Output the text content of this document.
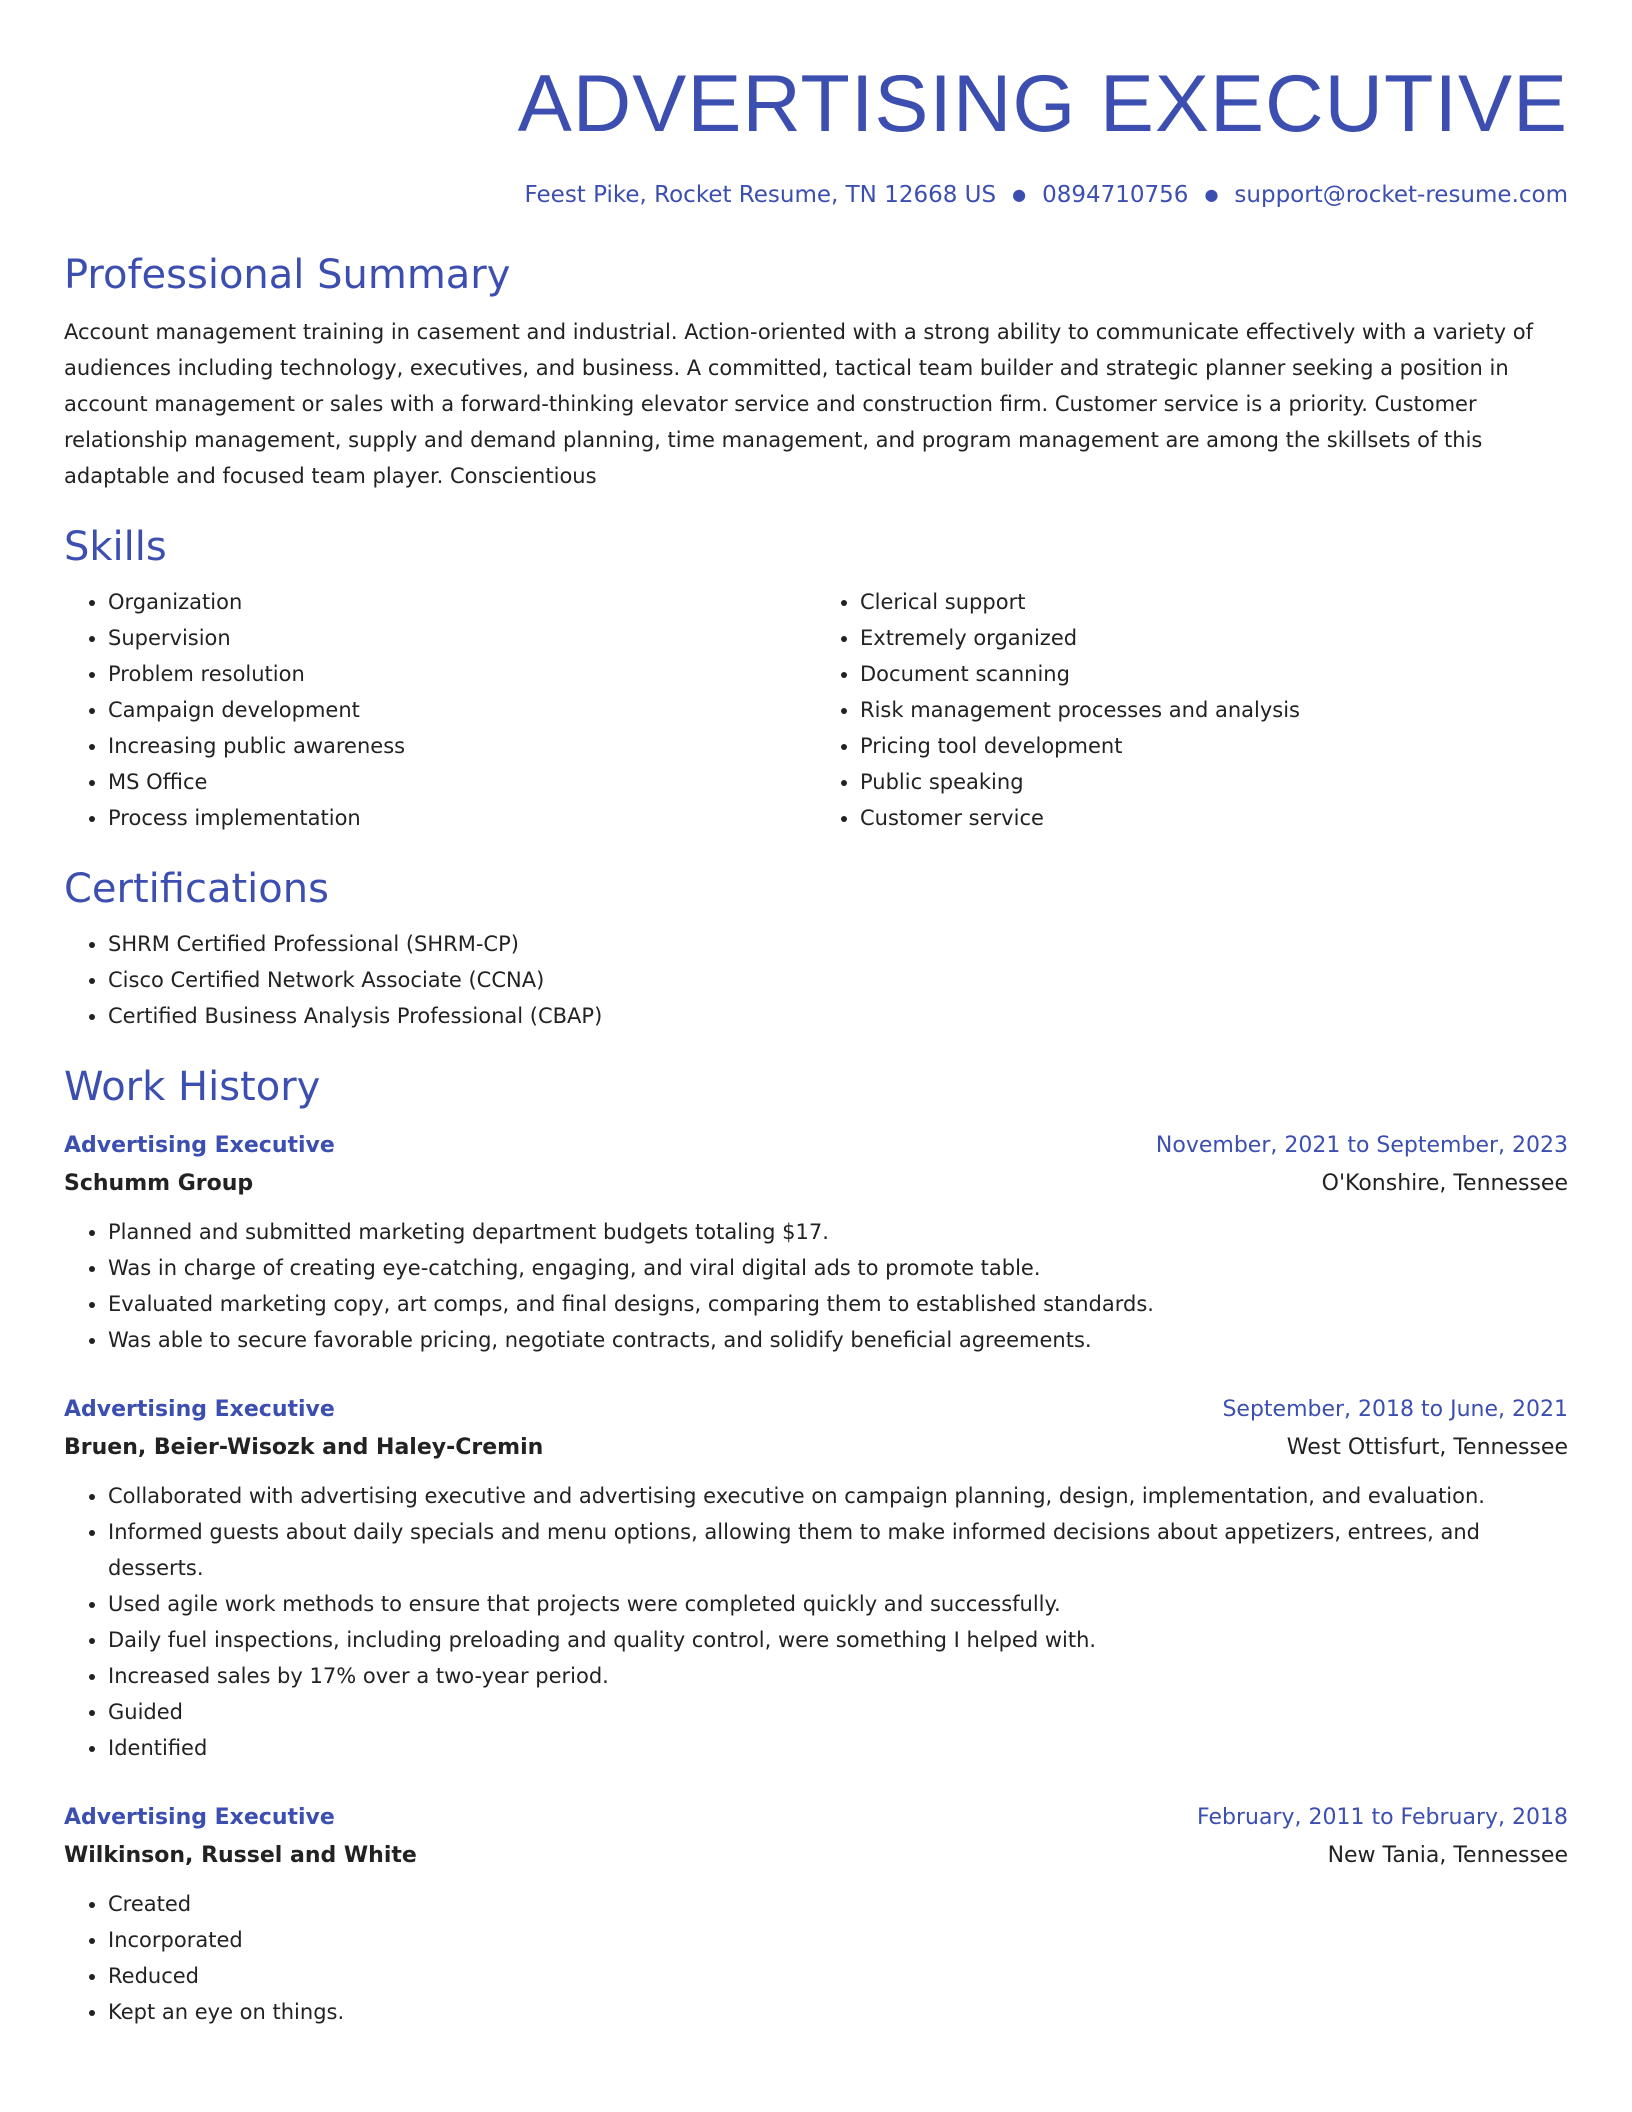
ADVERTISING EXECUTIVE
Feest Pike, Rocket Resume, TN 12668 US ● 0894710756 ● support@rocket-resume.com
Professional Summary

Account management training in casement and industrial. Action-oriented with a strong ability to communicate effectively with a variety of audiences including technology, executives, and business. A committed, tactical team builder and strategic planner seeking a position in account management or sales with a forward-thinking elevator service and construction firm. Customer service is a priority. Customer relationship management, supply and demand planning, time management, and program management are among the skillsets of this adaptable and focused team player. Conscientious

Skills
• Organization
• Supervision
• Problem resolution
• Campaign development
• Increasing public awareness
• MS Office
• Process implementation
• Clerical support
• Extremely organized
• Document scanning
• Risk management processes and analysis
• Pricing tool development
• Public speaking
• Customer service
Certifications
• SHRM Certified Professional (SHRM-CP)
• Cisco Certified Network Associate (CCNA)
• Certified Business Analysis Professional (CBAP)
Work History
Advertising Executive	November, 2021 to September, 2023
Schumm Group	O'Konshire, Tennessee
• Planned and submitted marketing department budgets totaling $17.
• Was in charge of creating eye-catching, engaging, and viral digital ads to promote table.
• Evaluated marketing copy, art comps, and final designs, comparing them to established standards.
• Was able to secure favorable pricing, negotiate contracts, and solidify beneficial agreements.
Advertising Executive	September, 2018 to June, 2021
Bruen, Beier-Wisozk and Haley-Cremin	West Ottisfurt, Tennessee
• Collaborated with advertising executive and advertising executive on campaign planning, design, implementation, and evaluation.
• Informed guests about daily specials and menu options, allowing them to make informed decisions about appetizers, entrees, and desserts.
• Used agile work methods to ensure that projects were completed quickly and successfully.
• Daily fuel inspections, including preloading and quality control, were something I helped with.
• Increased sales by 17% over a two-year period.
• Guided
• Identified
Advertising Executive	February, 2011 to February, 2018
Wilkinson, Russel and White	New Tania, Tennessee
• Created
• Incorporated
• Reduced
• Kept an eye on things.
